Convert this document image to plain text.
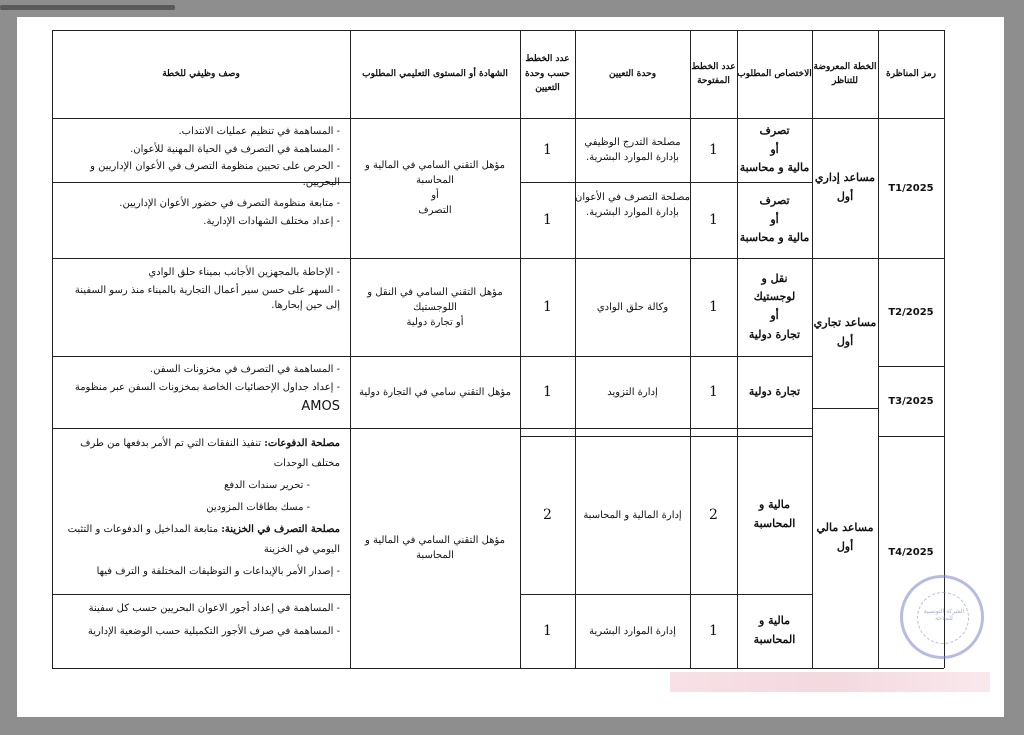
رمز المناظرة
الخطة المعروضة للتناظر
الاختصاص المطلوب
عدد الخطط المفتوحة
وحدة التعيين
عدد الخطط حسب وحدة التعيين
الشهادة أو المستوى التعليمي المطلوب
وصف وظيفي للخطة
T1/2025
مساعد إداري أول
مؤهل التقني السامي في المالية و المحاسبة
أو
التصرف
تصرف
أو
مالية و محاسبة
1
مصلحة التدرج الوظيفي
بإدارة الموارد البشرية.
1
- المساهمة في تنظيم عمليات الانتداب.
- المساهمة في التصرف في الحياة المهنية للأعوان.
- الحرص على تحيين منظومة التصرف في الأعوان الإداريين و البحريين.
تصرف
أو
مالية و محاسبة
1
مصلحة التصرف في الأعوان
بإدارة الموارد البشرية.
1
- متابعة منظومة التصرف في حضور الأعوان الإداريين.
- إعداد مختلف الشهادات الإدارية.
T2/2025
مساعد تجاري أول
نقل و
لوجستيك
أو
تجارة دولية
1
وكالة حلق الوادي
1
مؤهل التقني السامي في النقل و اللوجستيك
أو تجارة دولية
- الإحاطة بالمجهزين الأجانب بميناء حلق الوادي
- السهر على حسن سير أعمال التجارية بالميناء منذ رسو السفينة إلى حين إبحارها.
T3/2025
تجارة دولية
1
إدارة التزويد
1
مؤهل التقني سامي في التجارة دولية
- المساهمة في التصرف في مخزونات السفن.
- إعداد جداول الإحصائيات الخاصة بمخزونات السفن عبر منظومة
AMOS
T4/2025
مساعد مالي أول
مؤهل التقني السامي في المالية و المحاسبة
مالية و المحاسبة
2
إدارة المالية و المحاسبة
2
مصلحة الدفوعات: تنفيذ النفقات التي تم الأمر بدفعها من طرف مختلف الوحدات
- تحرير سندات الدفع
- مسك بطاقات المزودين
مصلحة التصرف في الخزينة: متابعة المداخيل و الدفوعات و التثبت اليومي في الخزينة
- إصدار الأمر بالإيداعات و التوظيفات المختلفة و الترف فيها
مالية و المحاسبة
1
إدارة الموارد البشرية
1
- المساهمة في إعداد أجور الاعوان البحريين حسب كل سفينة
- المساهمة في صرف الأجور التكميلية حسب الوضعية الإدارية
الشركة التونسية للملاحة
